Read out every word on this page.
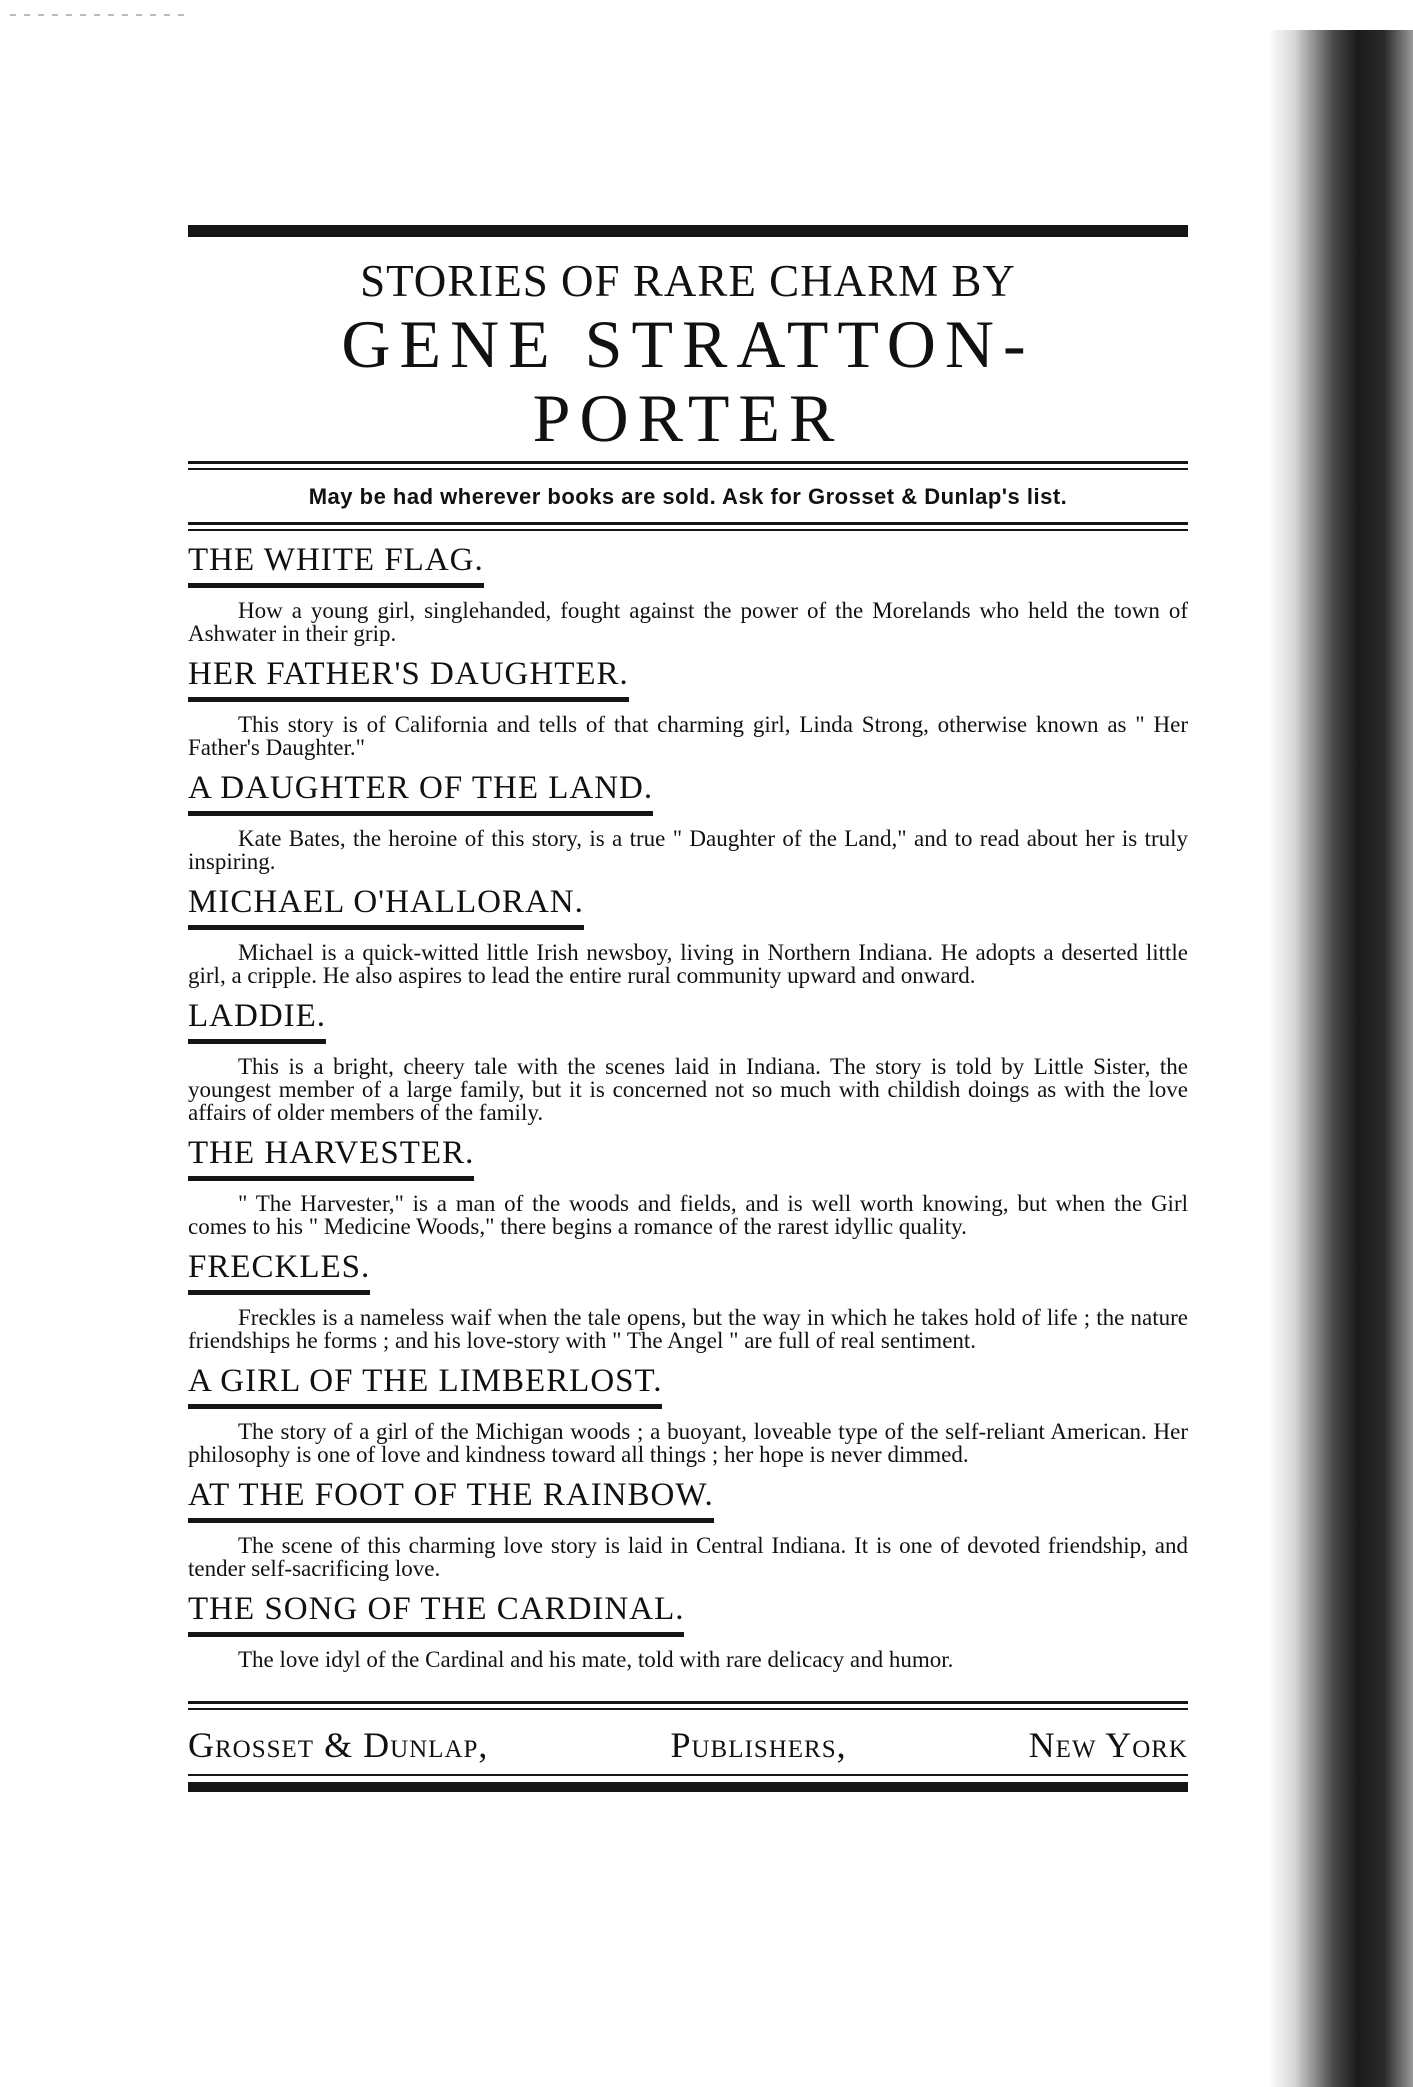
STORIES OF RARE CHARM BY
GENE STRATTON-PORTER
May be had wherever books are sold. Ask for Grosset & Dunlap's list.
THE WHITE FLAG.

How a young girl, singlehanded, fought against the power of the Morelands who held the town of Ashwater in their grip.

HER FATHER'S DAUGHTER.

This story is of California and tells of that charming girl, Linda Strong, otherwise known as " Her Father's Daughter."

A DAUGHTER OF THE LAND.

Kate Bates, the heroine of this story, is a true " Daughter of the Land," and to read about her is truly inspiring.

MICHAEL O'HALLORAN.

Michael is a quick-witted little Irish newsboy, living in Northern Indiana. He adopts a deserted little girl, a cripple. He also aspires to lead the entire rural community upward and onward.

LADDIE.

This is a bright, cheery tale with the scenes laid in Indiana. The story is told by Little Sister, the youngest member of a large family, but it is concerned not so much with childish doings as with the love affairs of older members of the family.

THE HARVESTER.

" The Harvester," is a man of the woods and fields, and is well worth knowing, but when the Girl comes to his " Medicine Woods," there begins a romance of the rarest idyllic quality.

FRECKLES.

Freckles is a nameless waif when the tale opens, but the way in which he takes hold of life ; the nature friendships he forms ; and his love-story with " The Angel " are full of real sentiment.

A GIRL OF THE LIMBERLOST.

The story of a girl of the Michigan woods ; a buoyant, loveable type of the self-reliant American. Her philosophy is one of love and kindness toward all things ; her hope is never dimmed.

AT THE FOOT OF THE RAINBOW.

The scene of this charming love story is laid in Central Indiana. It is one of devoted friendship, and tender self-sacrificing love.

THE SONG OF THE CARDINAL.

The love idyl of the Cardinal and his mate, told with rare delicacy and humor.

Grosset & Dunlap,	Publishers,	New York
